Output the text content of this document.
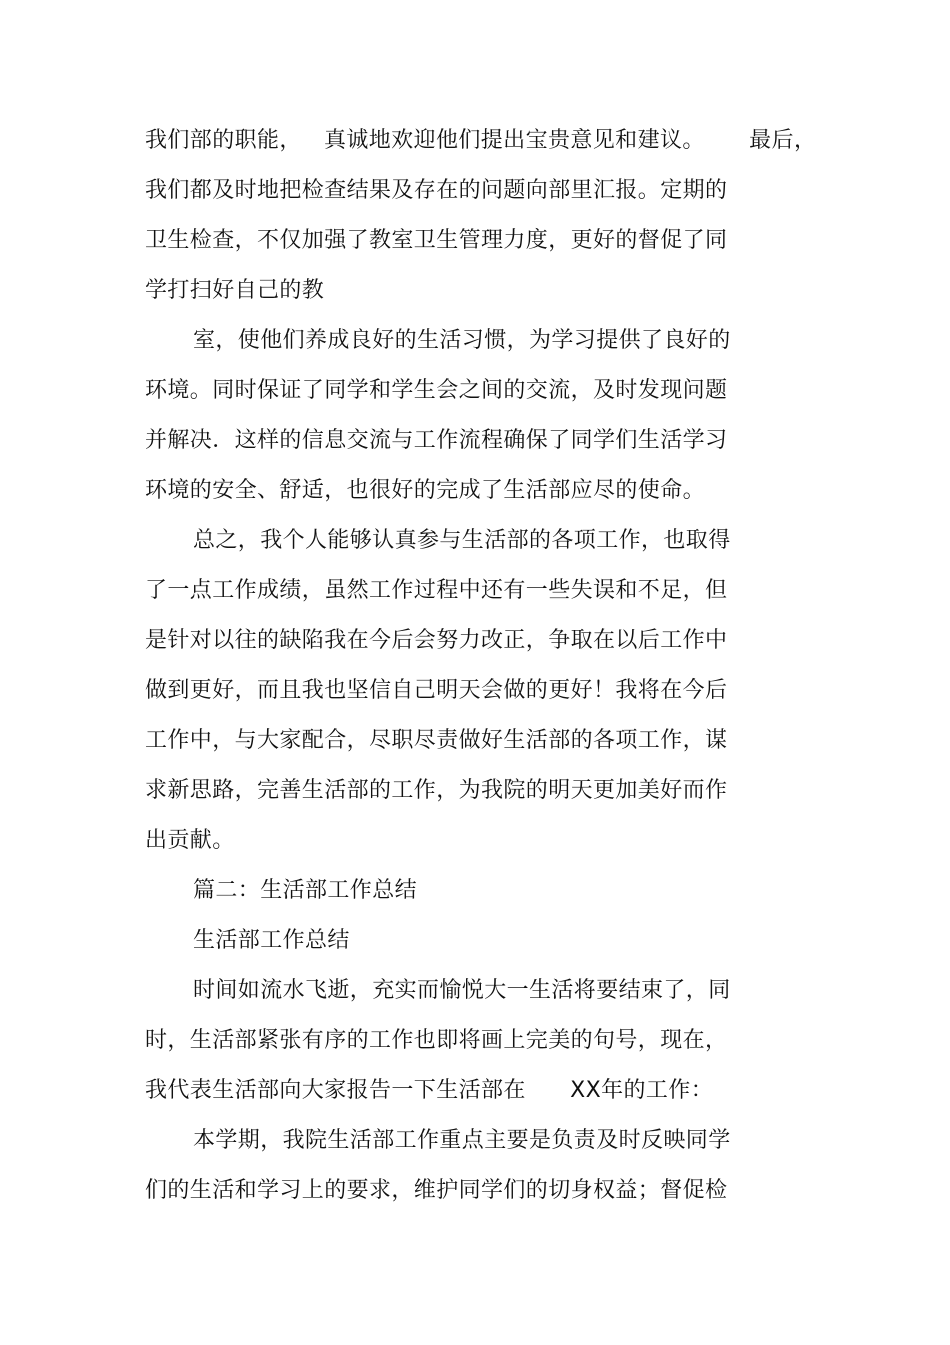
我们部的职能，   真诚地欢迎他们提出宝贵意见和建议。      最后，
我们都及时地把检查结果及存在的问题向部里汇报。定期的
卫生检查，不仅加强了教室卫生管理力度，更好的督促了同
学打扫好自己的教
室，使他们养成良好的生活习惯，为学习提供了良好的
环境。同时保证了同学和学生会之间的交流，及时发现问题
并解决．这样的信息交流与工作流程确保了同学们生活学习
环境的安全、舒适，也很好的完成了生活部应尽的使命。
总之，我个人能够认真参与生活部的各项工作，也取得
了一点工作成绩，虽然工作过程中还有一些失误和不足，但
是针对以往的缺陷我在今后会努力改正，争取在以后工作中
做到更好，而且我也坚信自己明天会做的更好！我将在今后
工作中，与大家配合，尽职尽责做好生活部的各项工作，谋
求新思路，完善生活部的工作，为我院的明天更加美好而作
出贡献。
篇二：生活部工作总结
生活部工作总结
时间如流水飞逝，充实而愉悦大一生活将要结束了，同
时，生活部紧张有序的工作也即将画上完美的句号，现在，
我代表生活部向大家报告一下生活部在      XX年的工作：
本学期，我院生活部工作重点主要是负责及时反映同学
们的生活和学习上的要求，维护同学们的切身权益；督促检
